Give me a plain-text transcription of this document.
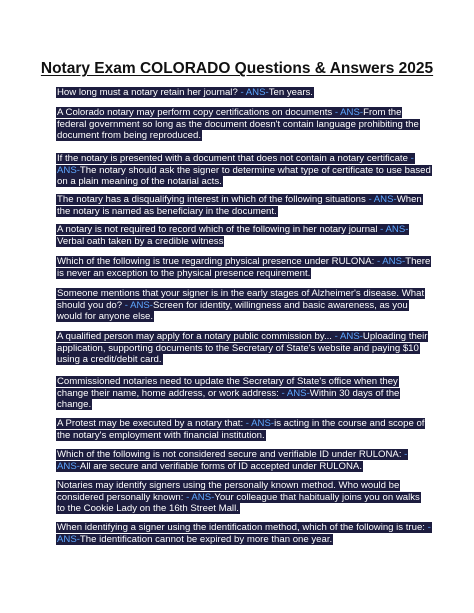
Notary Exam COLORADO Questions & Answers 2025
How long must a notary retain her journal? - ANS-Ten years.
A Colorado notary may perform copy certifications on documents - ANS-From the
federal government so long as the document doesn't contain language prohibiting the
document from being reproduced.
If the notary is presented with a document that does not contain a notary certificate -
ANS-The notary should ask the signer to determine what type of certificate to use based
on a plain meaning of the notarial acts.
The notary has a disqualifying interest in which of the following situations - ANS-When
the notary is named as beneficiary in the document.
A notary is not required to record which of the following in her notary journal - ANS-
Verbal oath taken by a credible witness
Which of the following is true regarding physical presence under RULONA: - ANS-There
is never an exception to the physical presence requirement.
Someone mentions that your signer is in the early stages of Alzheimer's disease. What
should you do? - ANS-Screen for identity, willingness and basic awareness, as you
would for anyone else.
A qualified person may apply for a notary public commission by... - ANS-Uploading their
application, supporting documents to the Secretary of State's website and paying $10
using a credit/debit card.
Commissioned notaries need to update the Secretary of State's office when they
change their name, home address, or work address: - ANS-Within 30 days of the
change.
A Protest may be executed by a notary that: - ANS-is acting in the course and scope of
the notary's employment with financial institution.
Which of the following is not considered secure and verifiable ID under RULONA: -
ANS-All are secure and verifiable forms of ID accepted under RULONA.
Notaries may identify signers using the personally known method. Who would be
considered personally known: - ANS-Your colleague that habitually joins you on walks
to the Cookie Lady on the 16th Street Mall.
When identifying a signer using the identification method, which of the following is true: -
ANS-The identification cannot be expired by more than one year.
